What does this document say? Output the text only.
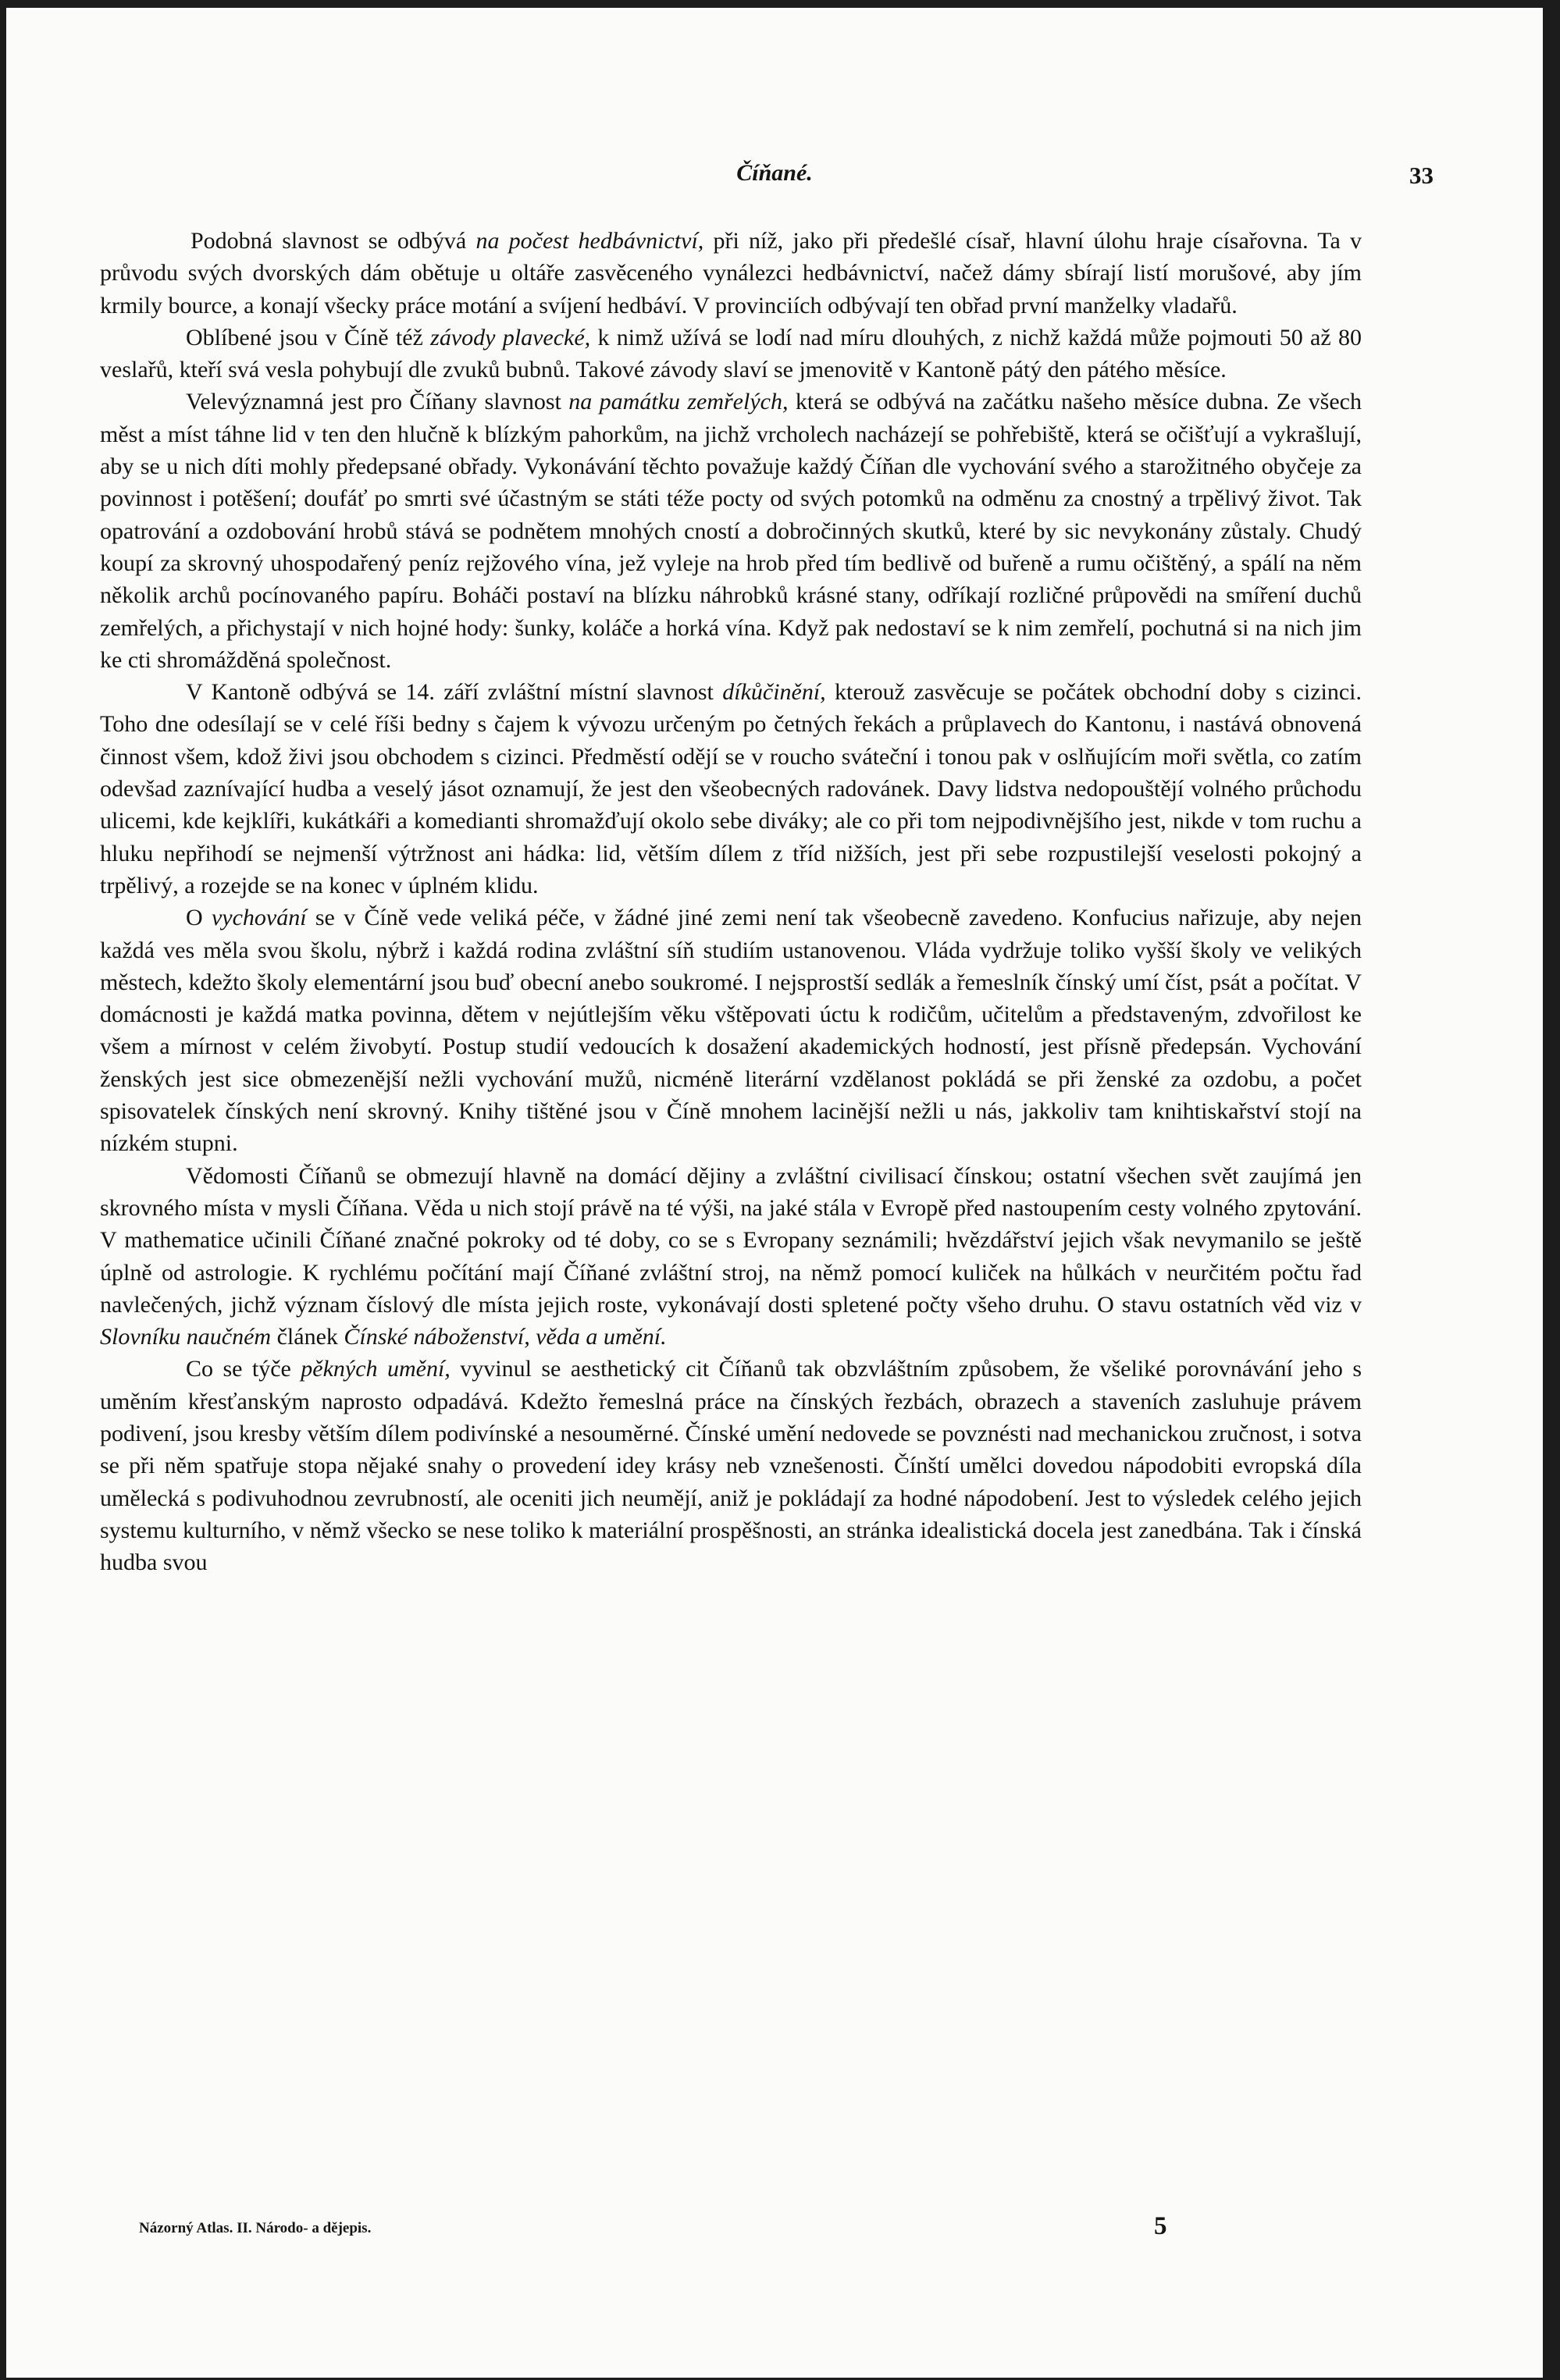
Číňané.	33

Podobná slavnost se odbývá na počest hedbávnictví, při níž, jako při předešlé císař, hlavní úlohu hraje císařovna. Ta v průvodu svých dvorských dám obětuje u oltáře zasvěceného vynálezci hedbávnictví, načež dámy sbírají listí morušové, aby jím krmily bource, a konají všecky práce motání a svíjení hedbáví. V provinciích odbývají ten obřad první manželky vladařů.

Oblíbené jsou v Číně též závody plavecké, k nimž užívá se lodí nad míru dlouhých, z nichž každá může pojmouti 50 až 80 veslařů, kteří svá vesla pohybují dle zvuků bubnů. Takové závody slaví se jmenovitě v Kantoně pátý den pátého měsíce.

Velevýznamná jest pro Číňany slavnost na památku zemřelých, která se odbývá na začátku našeho měsíce dubna. Ze všech měst a míst táhne lid v ten den hlučně k blízkým pahorkům, na jichž vrcholech nacházejí se pohřebiště, která se očišťují a vykrašlují, aby se u nich díti mohly předepsané obřady. Vykonávání těchto považuje každý Číňan dle vychování svého a starožitného obyčeje za povinnost i potěšení; doufáť po smrti své účastným se státi téže pocty od svých potomků na odměnu za cnostný a trpělivý život. Tak opatrování a ozdobování hrobů stává se podnětem mnohých cností a dobročinných skutků, které by sic nevykonány zůstaly. Chudý koupí za skrovný uhospodařený peníz rejžového vína, jež vyleje na hrob před tím bedlivě od buřeně a rumu očištěný, a spálí na něm několik archů pocínovaného papíru. Boháči postaví na blízku náhrobků krásné stany, odříkají rozličné průpovědi na smíření duchů zemřelých, a přichystají v nich hojné hody: šunky, koláče a horká vína. Když pak nedostaví se k nim zemřelí, pochutná si na nich jim ke cti shromážděná společnost.

V Kantoně odbývá se 14. září zvláštní místní slavnost díkůčinění, kterouž zasvěcuje se počátek obchodní doby s cizinci. Toho dne odesílají se v celé říši bedny s čajem k vývozu určeným po četných řekách a průplavech do Kantonu, i nastává obnovená činnost všem, kdož živi jsou obchodem s cizinci. Předměstí odějí se v roucho sváteční i tonou pak v oslňujícím moři světla, co zatím odevšad zaznívající hudba a veselý jásot oznamují, že jest den všeobecných radovánek. Davy lidstva nedopouštějí volného průchodu ulicemi, kde kejklíři, kukátkáři a komedianti shromažďují okolo sebe diváky; ale co při tom nejpodivnějšího jest, nikde v tom ruchu a hluku nepřihodí se nejmenší výtržnost ani hádka: lid, větším dílem z tříd nižších, jest při sebe rozpustilejší veselosti pokojný a trpělivý, a rozejde se na konec v úplném klidu.

O vychování se v Číně vede veliká péče, v žádné jiné zemi není tak všeobecně zavedeno. Konfucius nařizuje, aby nejen každá ves měla svou školu, nýbrž i každá rodina zvláštní síň studiím ustanovenou. Vláda vydržuje toliko vyšší školy ve velikých městech, kdežto školy elementární jsou buď obecní anebo soukromé. I nejsprostší sedlák a řemeslník čínský umí číst, psát a počítat. V domácnosti je každá matka povinna, dětem v nejútlejším věku vštěpovati úctu k rodičům, učitelům a představeným, zdvořilost ke všem a mírnost v celém živobytí. Postup studií vedoucích k dosažení akademických hodností, jest přísně předepsán. Vychování ženských jest sice obmezenější nežli vychování mužů, nicméně literární vzdělanost pokládá se při ženské za ozdobu, a počet spisovatelek čínských není skrovný. Knihy tištěné jsou v Číně mnohem lacinější nežli u nás, jakkoliv tam knihtiskařství stojí na nízkém stupni.

Vědomosti Číňanů se obmezují hlavně na domácí dějiny a zvláštní civilisací čínskou; ostatní všechen svět zaujímá jen skrovného místa v mysli Číňana. Věda u nich stojí právě na té výši, na jaké stála v Evropě před nastoupením cesty volného zpytování. V mathematice učinili Číňané značné pokroky od té doby, co se s Evropany seznámili; hvězdářství jejich však nevymanilo se ještě úplně od astrologie. K rychlému počítání mají Číňané zvláštní stroj, na němž pomocí kuliček na hůlkách v neurčitém počtu řad navlečených, jichž význam číslový dle místa jejich roste, vykonávají dosti spletené počty všeho druhu. O stavu ostatních věd viz v Slovníku naučném článek Čínské náboženství, věda a umění.

Co se týče pěkných umění, vyvinul se aesthetický cit Číňanů tak obzvláštním způsobem, že všeliké porovnávání jeho s uměním křesťanským naprosto odpadává. Kdežto řemeslná práce na čínských řezbách, obrazech a staveních zasluhuje právem podivení, jsou kresby větším dílem podivínské a nesouměrné. Čínské umění nedovede se povznésti nad mechanickou zručnost, i sotva se při něm spatřuje stopa nějaké snahy o provedení idey krásy neb vznešenosti. Čínští umělci dovedou nápodobiti evropská díla umělecká s podivuhodnou zevrubností, ale oceniti jich neumějí, aniž je pokládají za hodné nápodobení. Jest to výsledek celého jejich systemu kulturního, v němž všecko se nese toliko k materiální prospěšnosti, an stránka idealistická docela jest zanedbána. Tak i čínská hudba svou

Názorný Atlas. II. Národo- a dějepis.	5
